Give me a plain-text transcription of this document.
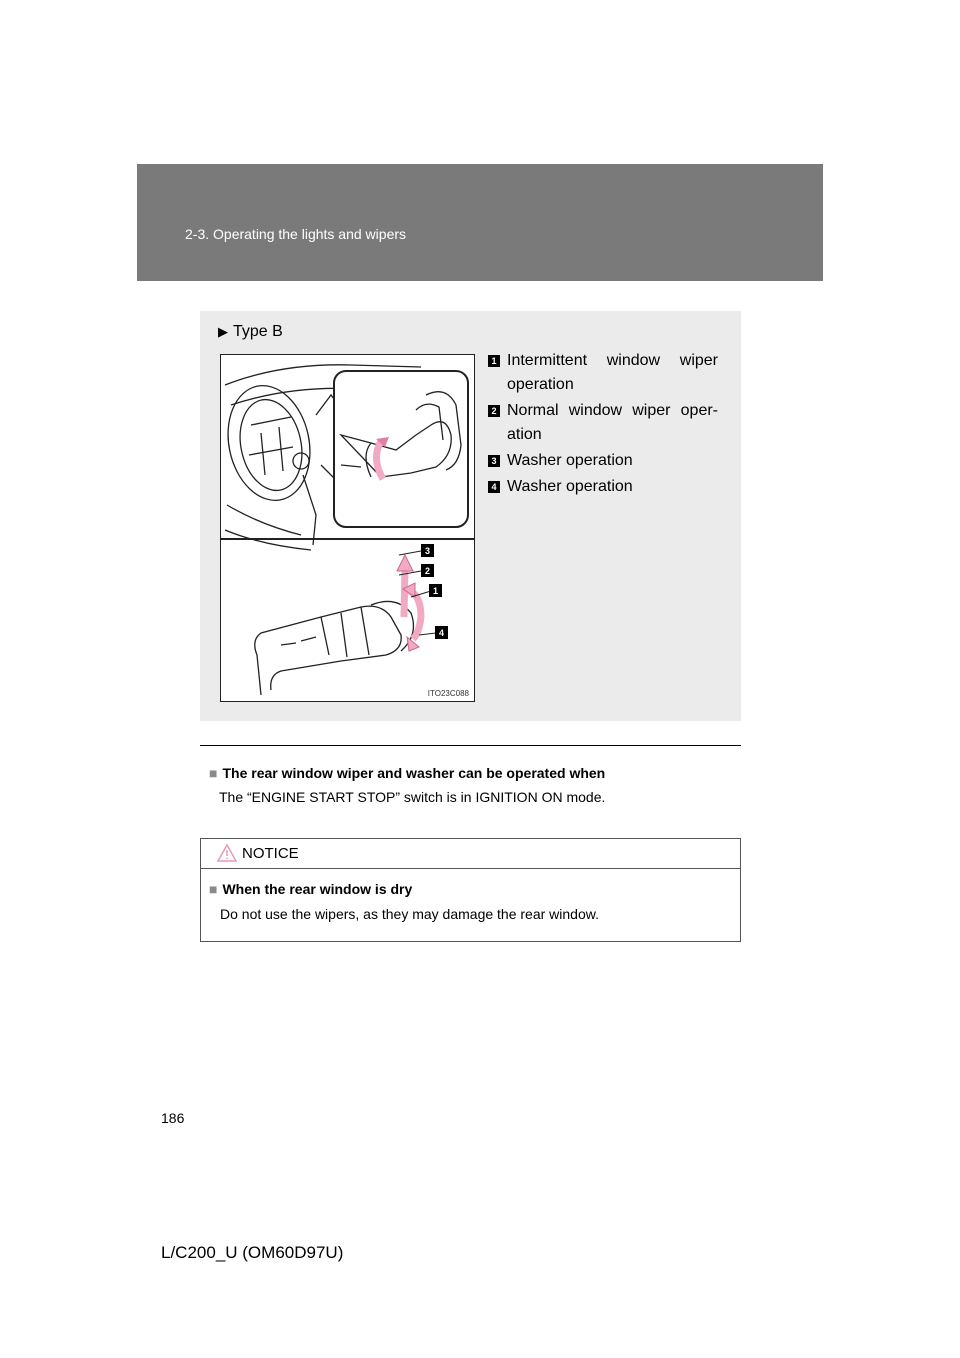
2-3. Operating the lights and wipers
▶ Type B
3
2
1
4
ITO23C088
1 Intermittent window wiper operation
2 Normal window wiper oper-ation
3 Washer operation
4 Washer operation
■ The rear window wiper and washer can be operated when
The “ENGINE START STOP” switch is in IGNITION ON mode.
NOTICE
■ When the rear window is dry
Do not use the wipers, as they may damage the rear window.
186
L/C200_U (OM60D97U)
